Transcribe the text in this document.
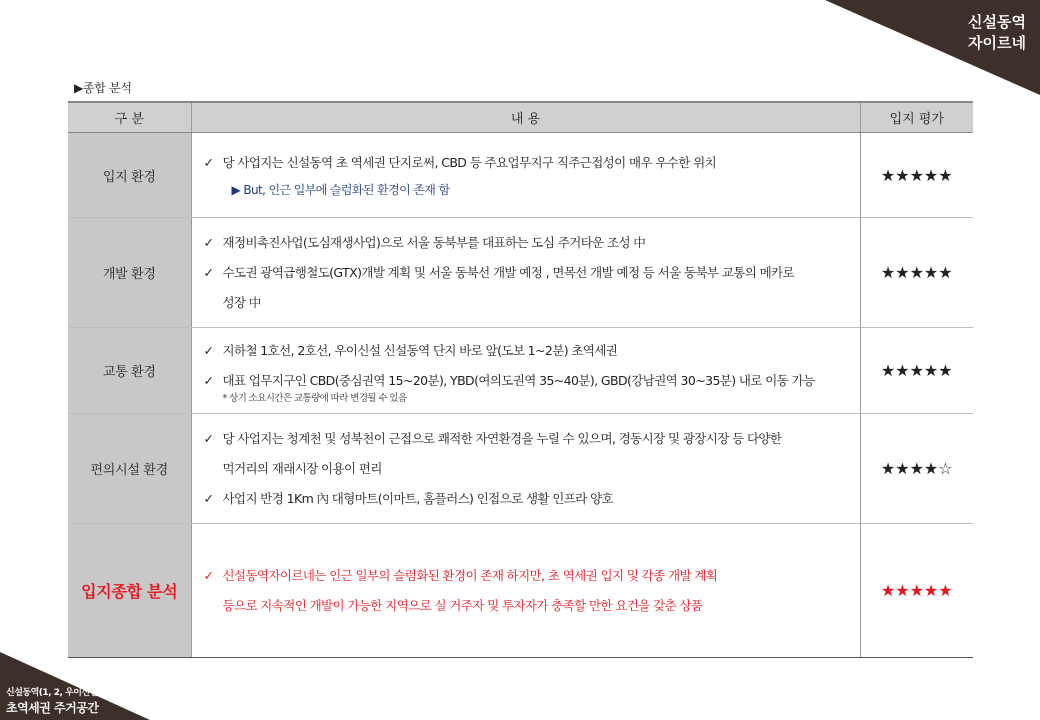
신설동역
자이르네
신설동역(1, 2, 우이신설)
초역세권 주거공간
▶종합 분석
구 분	내 용	입지 평가
입지 환경	✓ 당 사업지는 신설동역 초 역세권 단지로써, CBD 등 주요업무지구 직주근접성이 매우 우수한 위치
▶ But, 인근 일부에 슬럼화된 환경이 존재 함	★★★★★
개발 환경	✓ 재정비촉진사업(도심재생사업)으로 서울 동북부를 대표하는 도심 주거타운 조성 中
✓ 수도권 광역급행철도(GTX)개발 계획 및 서울 동북선 개발 예정 , 면목선 개발 예정 등 서울 동북부 교통의 메카로
성장 中	★★★★★
교통 환경	✓ 지하철 1호선, 2호선, 우이신설 신설동역 단지 바로 앞(도보 1~2분) 초역세권
✓ 대표 업무지구인 CBD(중심권역 15~20분), YBD(여의도권역 35~40분), GBD(강남권역 30~35분) 내로 이동 가능
* 상기 소요시간은 교통량에 따라 변경될 수 있음	★★★★★
편의시설 환경	✓ 당 사업지는 청계천 및 성북천이 근접으로 쾌적한 자연환경을 누릴 수 있으며, 경동시장 및 광장시장 등 다양한
먹거리의 재래시장 이용이 편리
✓ 사업지 반경 1Km 內 대형마트(이마트, 홈플러스) 인접으로 생활 인프라 양호	★★★★☆
입지종합 분석	✓ 신설동역자이르네는 인근 일부의 슬럼화된 환경이 존재 하지만, 초 역세권 입지 및 각종 개발 계획
등으로 지속적인 개발이 가능한 지역으로 실 거주자 및 투자자가 충족할 만한 요건을 갖춘 상품	★★★★★
